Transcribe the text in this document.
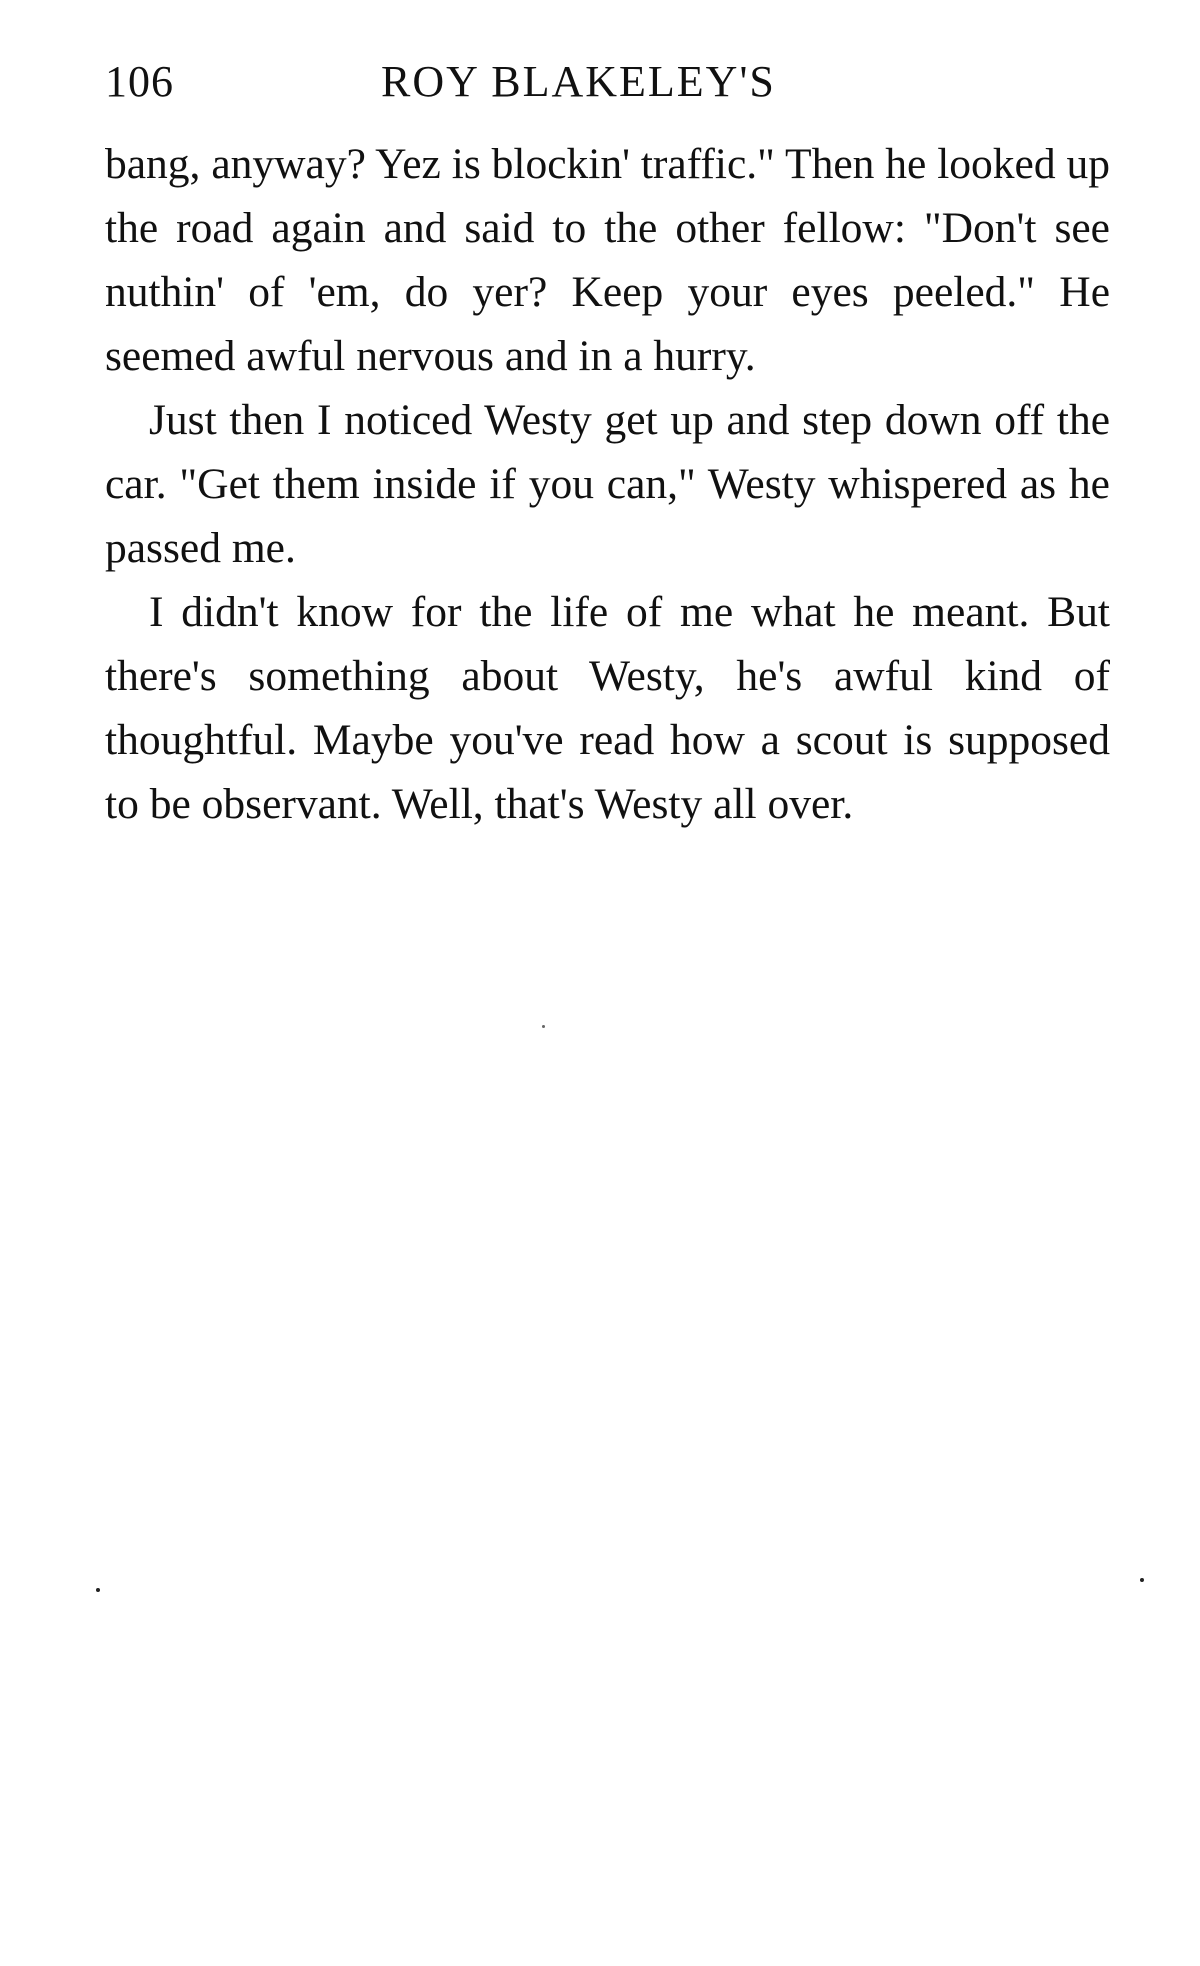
106	ROY BLAKELEY'S

bang, anyway? Yez is blockin' traffic." Then he looked up the road again and said to the other fellow: "Don't see nuthin' of 'em, do yer? Keep your eyes peeled." He seemed awful nervous and in a hurry.

Just then I noticed Westy get up and step down off the car. "Get them inside if you can," Westy whispered as he passed me.

I didn't know for the life of me what he meant. But there's something about Westy, he's awful kind of thoughtful. Maybe you've read how a scout is supposed to be observant. Well, that's Westy all over.
